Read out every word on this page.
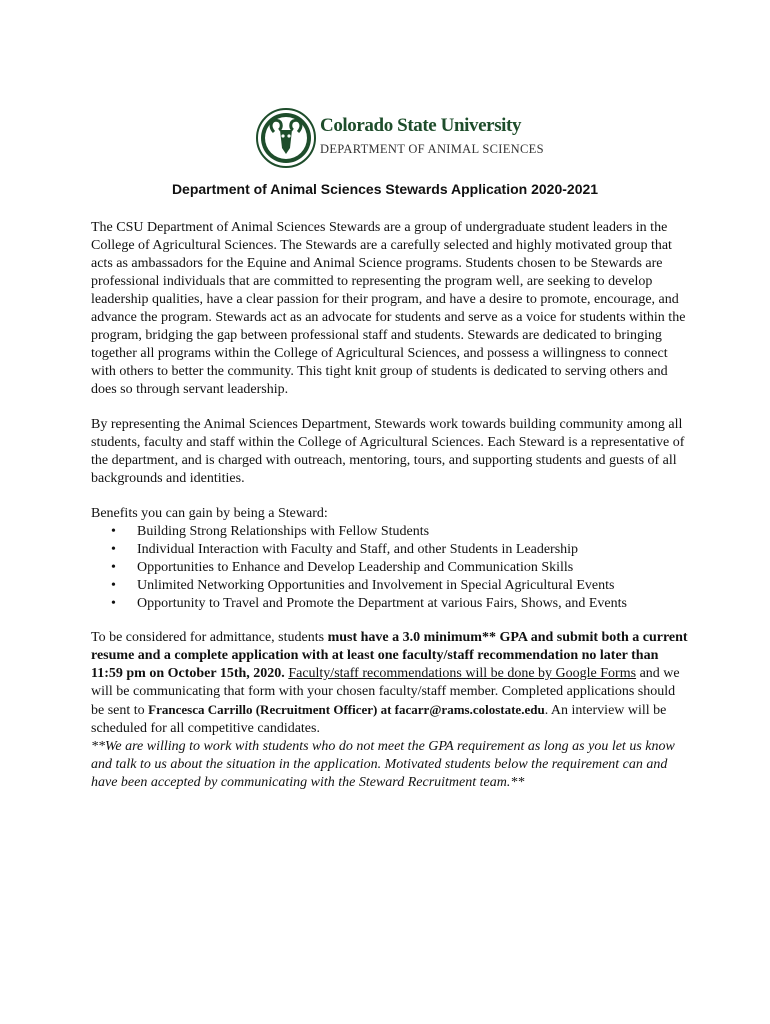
Colorado State University
DEPARTMENT OF ANIMAL SCIENCES
Department of Animal Sciences Stewards Application 2020-2021

The CSU Department of Animal Sciences Stewards are a group of undergraduate student leaders in the College of Agricultural Sciences. The Stewards are a carefully selected and highly motivated group that acts as ambassadors for the Equine and Animal Science programs. Students chosen to be Stewards are professional individuals that are committed to representing the program well, are seeking to develop leadership qualities, have a clear passion for their program, and have a desire to promote, encourage, and advance the program. Stewards act as an advocate for students and serve as a voice for students within the program, bridging the gap between professional staff and students. Stewards are dedicated to bringing together all programs within the College of Agricultural Sciences, and possess a willingness to connect with others to better the community. This tight knit group of students is dedicated to serving others and does so through servant leadership.

By representing the Animal Sciences Department, Stewards work towards building community among all students, faculty and staff within the College of Agricultural Sciences. Each Steward is a representative of the department, and is charged with outreach, mentoring, tours, and supporting students and guests of all backgrounds and identities.

Benefits you can gain by being a Steward:

• Building Strong Relationships with Fellow Students
• Individual Interaction with Faculty and Staff, and other Students in Leadership
• Opportunities to Enhance and Develop Leadership and Communication Skills
• Unlimited Networking Opportunities and Involvement in Special Agricultural Events
• Opportunity to Travel and Promote the Department at various Fairs, Shows, and Events

To be considered for admittance, students must have a 3.0 minimum** GPA and submit both a current resume and a complete application with at least one faculty/staff recommendation no later than 11:59 pm on October 15th, 2020. Faculty/staff recommendations will be done by Google Forms and we will be communicating that form with your chosen faculty/staff member. Completed applications should be sent to Francesca Carrillo (Recruitment Officer) at facarr@rams.colostate.edu. An interview will be scheduled for all competitive candidates.

**We are willing to work with students who do not meet the GPA requirement as long as you let us know and talk to us about the situation in the application. Motivated students below the requirement can and have been accepted by communicating with the Steward Recruitment team.**
